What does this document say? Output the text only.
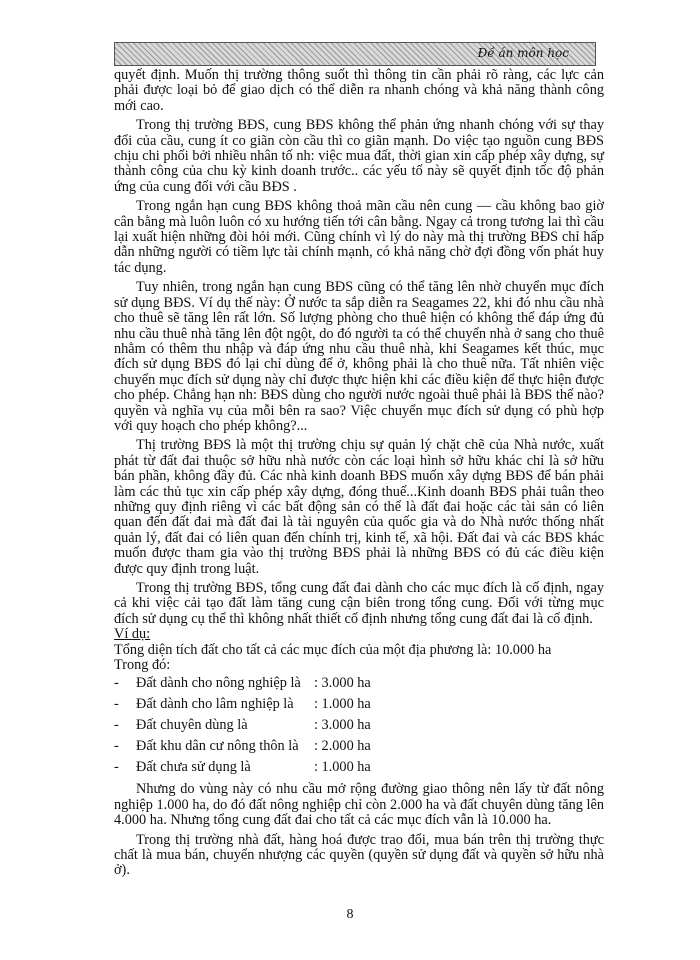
Đề án môn học

quyết định. Muốn thị trường thông suốt thì thông tin cần phải rõ ràng, các lực cản phải được loại bỏ để giao dịch có thể diễn ra nhanh chóng và khả năng thành công mới cao.

Trong thị trường BĐS, cung BĐS không thể phản ứng nhanh chóng với sự thay đổi của cầu, cung ít co giãn còn cầu thì co giãn mạnh. Do việc tạo nguồn cung BĐS chịu chi phối bởi nhiều nhân tố nh: việc mua đất, thời gian xin cấp phép xây dựng, sự thành công của chu kỳ kinh doanh trước.. các yếu tố này sẽ quyết định tốc độ phản ứng của cung đối với cầu BĐS .

Trong ngắn hạn cung BĐS không thoả mãn cầu nên cung — cầu không bao giờ cân bằng mà luôn luôn có xu hướng tiến tới cân bằng. Ngay cả trong tương lai thì cầu lại xuất hiện những đòi hỏi mới. Cũng chính vì lý do này mà thị trường BĐS chỉ hấp dẫn những người có tiềm lực tài chính mạnh, có khả năng chờ đợi đồng vốn phát huy tác dụng.

Tuy nhiên, trong ngắn hạn cung BĐS cũng có thể tăng lên nhờ chuyển mục đích sử dụng BĐS. Ví dụ thế này: Ở nước ta sắp diễn ra Seagames 22, khi đó nhu cầu nhà cho thuê sẽ tăng lên rất lớn. Số lượng phòng cho thuê hiện có không thể đáp ứng đủ nhu cầu thuê nhà tăng lên đột ngột, do đó người ta có thể chuyển nhà ở sang cho thuê nhằm có thêm thu nhập và đáp ứng nhu cầu thuê nhà, khi Seagames kết thúc, mục đích sử dụng BĐS đó lại chỉ dùng để ở, không phải là cho thuê nữa. Tất nhiên việc chuyển mục đích sử dụng này chỉ được thực hiện khi các điều kiện để thực hiện được cho phép. Chẳng hạn nh: BĐS dùng cho người nước ngoài thuê phải là BĐS thế nào? quyền và nghĩa vụ của mỗi bên ra sao? Việc chuyển mục đích sử dụng có phù hợp với quy hoạch cho phép không?...

Thị trường BĐS là một thị trường chịu sự quản lý chặt chẽ của Nhà nước, xuất phát từ đất đai thuộc sở hữu nhà nước còn các loại hình sở hữu khác chỉ là sở hữu bán phần, không đầy đủ. Các nhà kinh doanh BĐS muốn xây dựng BĐS để bán phải làm các thủ tục xin cấp phép xây dựng, đóng thuế...Kinh doanh BĐS phải tuân theo những quy định riêng vì các bất động sản có thể là đất đai hoặc các tài sản có liên quan đến đất đai mà đất đai là tài nguyên của quốc gia và do Nhà nước thống nhất quản lý, đất đai có liên quan đến chính trị, kinh tế, xã hội. Đất đai và các BĐS khác muốn được tham gia vào thị trường BĐS phải là những BĐS có đủ các điều kiện được quy định trong luật.

Trong thị trường BĐS, tổng cung đất đai dành cho các mục đích là cố định, ngay cả khi việc cải tạo đất làm tăng cung cận biên trong tổng cung. Đối với từng mục đích sử dụng cụ thể thì không nhất thiết cố định nhưng tổng cung đất đai là cố định.

Ví dụ:
Tổng diện tích đất cho tất cả các mục đích của một địa phương là: 10.000 ha
Trong đó:
- Đất dành cho nông nghiệp là : 3.000 ha
- Đất dành cho lâm nghiệp là : 1.000 ha
- Đất chuyên dùng là	: 3.000 ha
- Đất khu dân cư nông thôn là : 2.000 ha
- Đất chưa sử dụng là	: 1.000 ha

Nhưng do vùng này có nhu cầu mở rộng đường giao thông nên lấy từ đất nông nghiệp 1.000 ha, do đó đất nông nghiệp chỉ còn 2.000 ha và đất chuyên dùng tăng lên 4.000 ha. Nhưng tổng cung đất đai cho tất cả các mục đích vẫn là 10.000 ha.

Trong thị trường nhà đất, hàng hoá được trao đổi, mua bán trên thị trường thực chất là mua bán, chuyển nhượng các quyền (quyền sử dụng đất và quyền sở hữu nhà ở).

8
